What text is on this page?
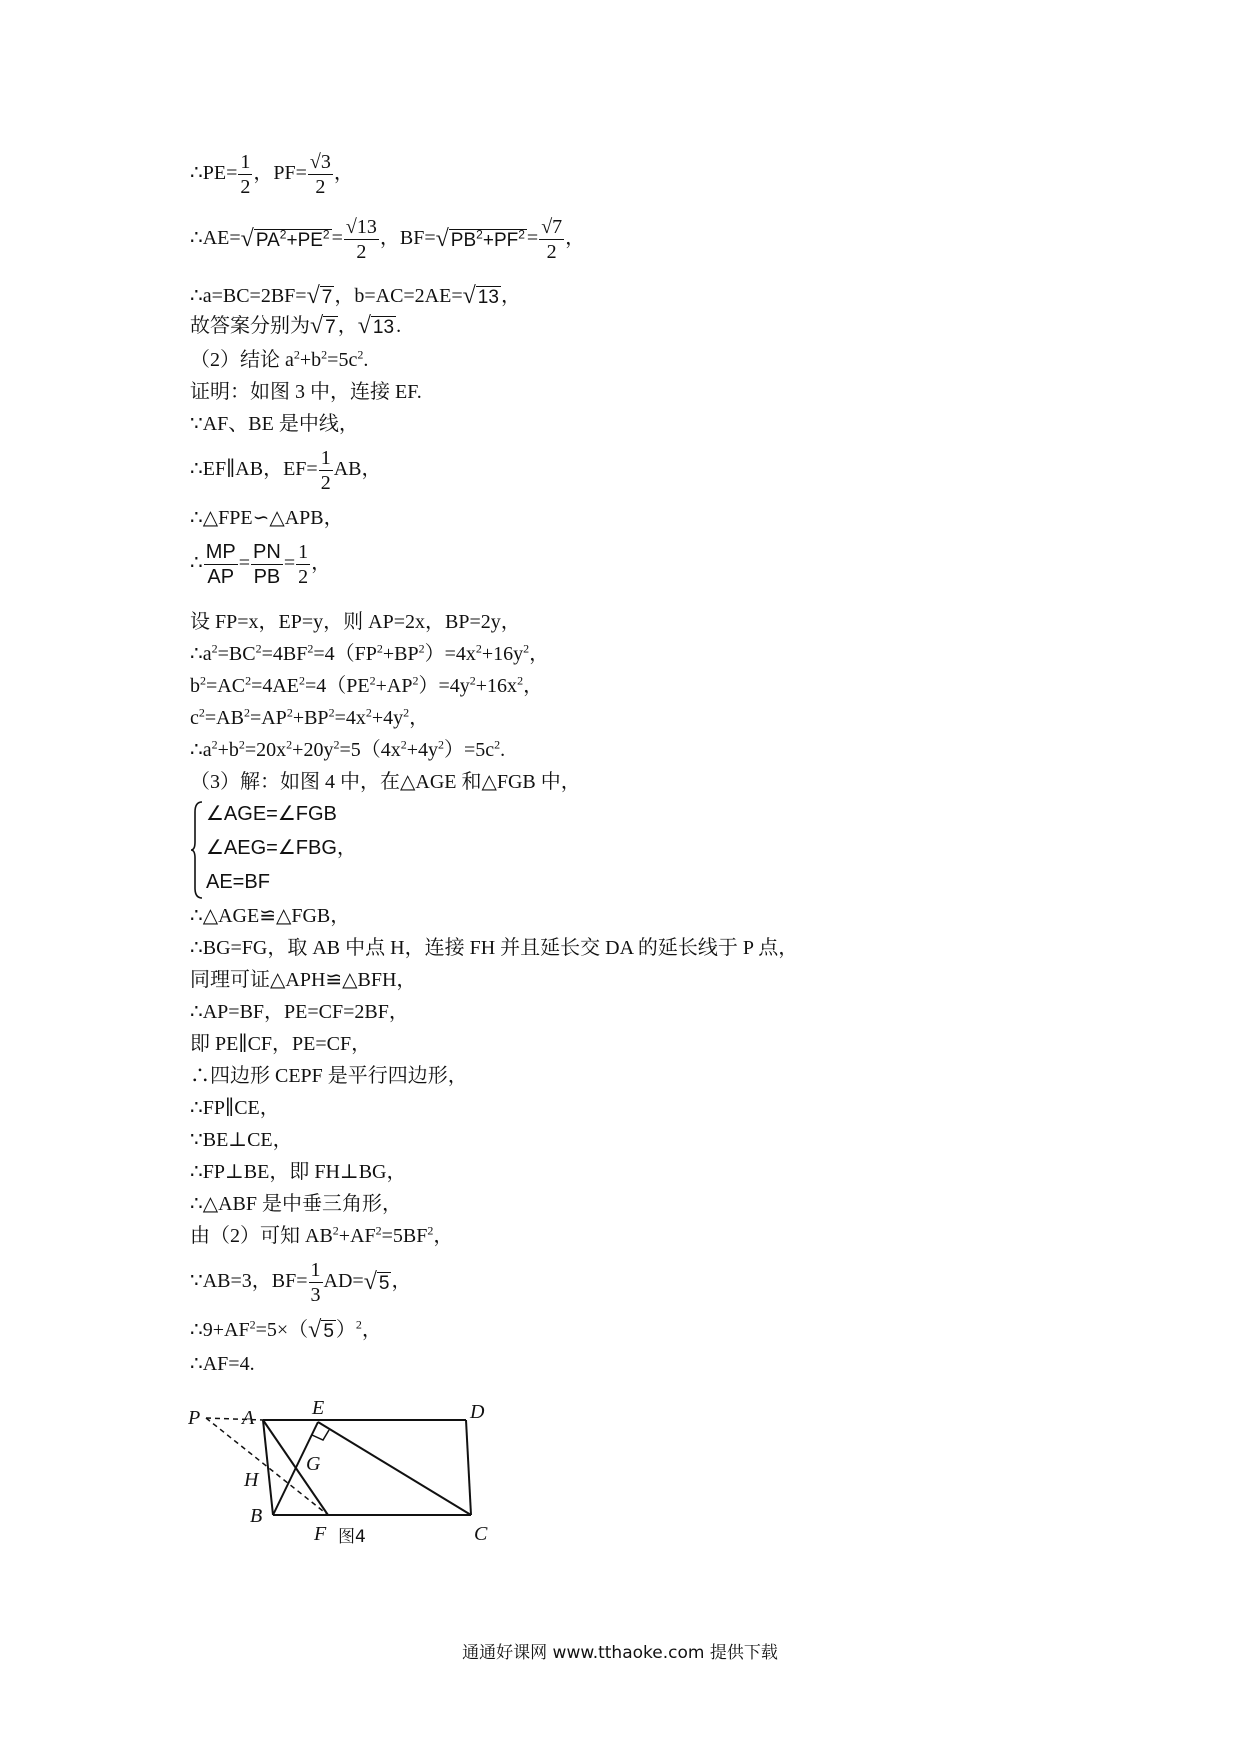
∴PE= $\frac{1}{2}$ ，$PF= \frac{√3}{2}$ ，
∴AE=√ $PA^2+PE^2 = \frac{√13}{2}$ ，BF=√ $PB^2+PF^2 = \frac{√7}{2}$ ，
∴a=BC=2BF=√ 7 ，b=AC=2AE=√ 13 ，
故答案分别为√ 7 ，√ 13 .
（2）结论 $a^2+b^2=5c^2$.
证明：如图 3 中，连接 EF.
∵AF、BE 是中线，
∴EF∥AB，$EF= \frac{1}{2}$ AB，
∴△FPE∽△APB，
∴ $\frac{MP}{AP} = \frac{PN}{PB} = \frac{1}{2}$ ，
设 FP=x，EP=y，则 AP=2x，BP=2y，
$\therefore a^2=BC^2=4BF^2=4(FP^2+BP^2)=4x^2+16y^2$，
$b^2=AC^2=4AE^2=4(PE^2+AP^2)=4y^2+16x^2$，
$c^2=AB^2=AP^2+BP^2=4x^2+4y^2$，
$\therefore a^2+b^2=20x^2+20y^2=5(4x^2+4y^2)=5c^2$.
（3）解：如图 4 中，在△AGE 和△FGB 中，
∠AGE=∠FGB
∠AEG=∠FBG，
AE=BF
∴△AGE≌△FGB，
∴BG=FG，取 AB 中点 H，连接 FH 并且延长交 DA 的延长线于 P 点，
同理可证△APH≌△BFH，
∴AP=BF，PE=CF=2BF，
即 PE∥CF，PE=CF，
∴四边形 CEPF 是平行四边形，
∴FP∥CE，
∵BE⊥CE，
∴FP⊥BE，即 FH⊥BG，
∴△ABF 是中垂三角形，
由（2）可知 $AB^2+AF^2=5BF^2$，
∵AB=3，$BF= \frac{1}{3} AD=√$ 5 ，
$\therefore 9+AF^2=5\times(√$ 5 ）$^2$，
∴AF=4.
P A	E	D
G
H
B
F	C
图4
通通好课网 www.tthaoke.com 提供下载
